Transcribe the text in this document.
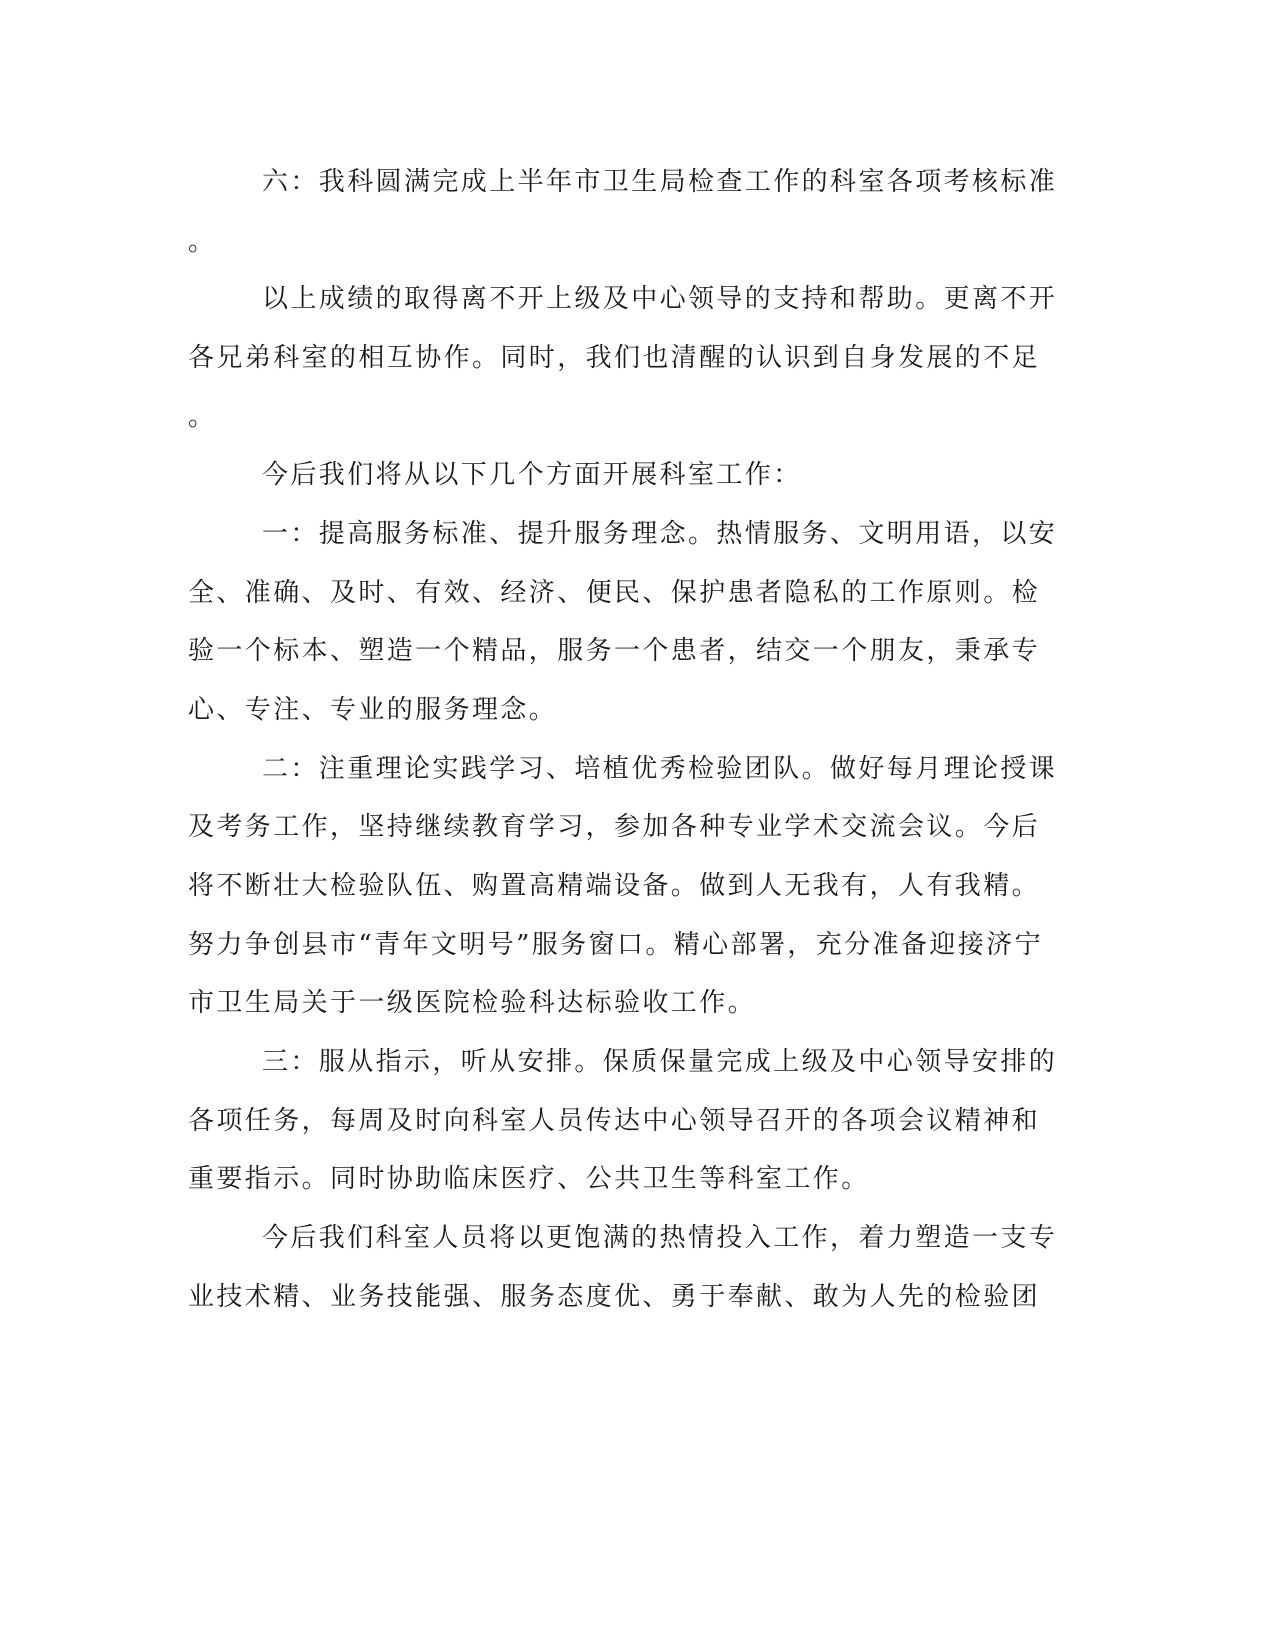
六：我科圆满完成上半年市卫生局检查工作的科室各项考核标准
。
以上成绩的取得离不开上级及中心领导的支持和帮助。更离不开
各兄弟科室的相互协作。同时，我们也清醒的认识到自身发展的不足
。
今后我们将从以下几个方面开展科室工作：
一：提高服务标准、提升服务理念。热情服务、文明用语，以安
全、准确、及时、有效、经济、便民、保护患者隐私的工作原则。检
验一个标本、塑造一个精品，服务一个患者，结交一个朋友，秉承专
心、专注、专业的服务理念。
二：注重理论实践学习、培植优秀检验团队。做好每月理论授课
及考务工作，坚持继续教育学习，参加各种专业学术交流会议。今后
将不断壮大检验队伍、购置高精端设备。做到人无我有，人有我精。
努力争创县市“青年文明号”服务窗口。精心部署，充分准备迎接济宁
市卫生局关于一级医院检验科达标验收工作。
三：服从指示，听从安排。保质保量完成上级及中心领导安排的
各项任务，每周及时向科室人员传达中心领导召开的各项会议精神和
重要指示。同时协助临床医疗、公共卫生等科室工作。
今后我们科室人员将以更饱满的热情投入工作，着力塑造一支专
业技术精、业务技能强、服务态度优、勇于奉献、敢为人先的检验团
